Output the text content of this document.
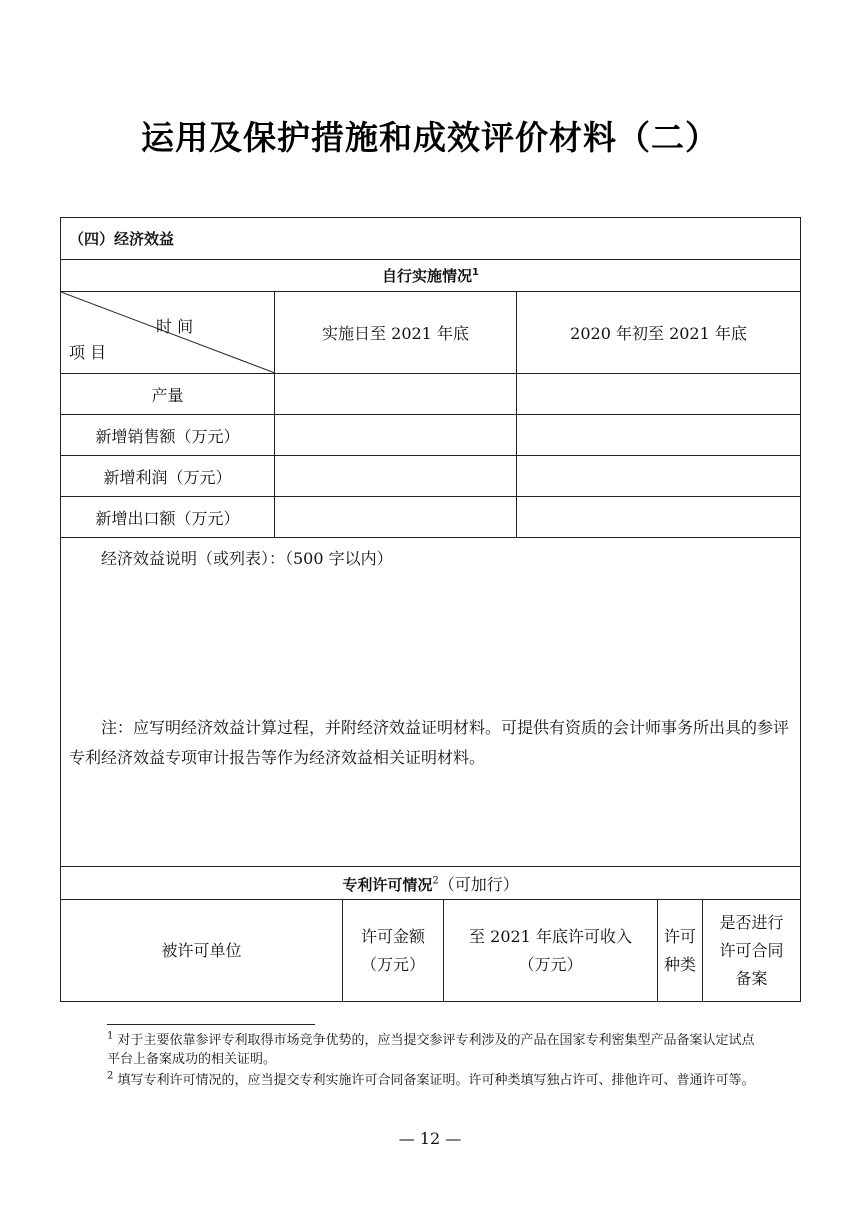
运用及保护措施和成效评价材料（二）
（四）经济效益						
自行实施情况$^1$

时 间
项 目	实施日至 2021 年底			2020 年初至 2021 年底		
产量						
新增销售额（万元）						
新增利润（万元）						
新增出口额（万元）						

经济效益说明（或列表）：（500 字以内）
注：应写明经济效益计算过程，并附经济效益证明材料。可提供有资质的会计师事务所出具的参评专利经济效益专项审计报告等作为经济效益相关证明材料。						

专利许可情况$^2$（可加行）						
被许可单位		许可金额（万元）	至 2021 年底许可收入（万元）		许可种类	是否进行许可合同备案

$^1$ 对于主要依靠参评专利取得市场竞争优势的，应当提交参评专利涉及的产品在国家专利密集型产品备案认定试点平台上备案成功的相关证明。

$^2$ 填写专利许可情况的，应当提交专利实施许可合同备案证明。许可种类填写独占许可、排他许可、普通许可等。

— 12 —
